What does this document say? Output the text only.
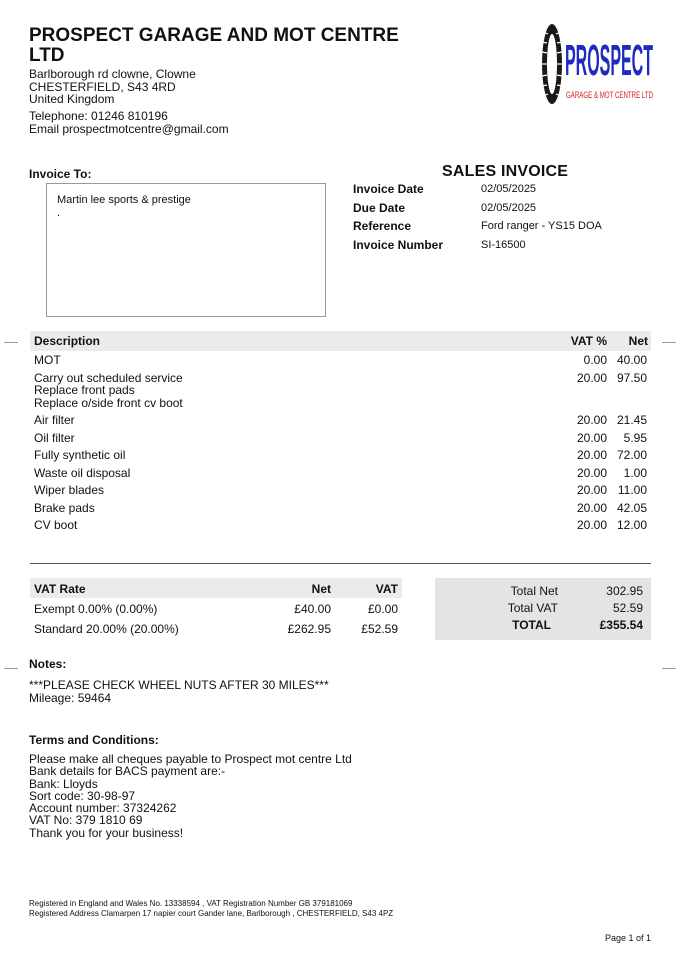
PROSPECT GARAGE AND MOT CENTRE LTD
Barlborough rd clowne, Clowne
CHESTERFIELD, S43 4RD
United Kingdom
Telephone: 01246 810196
Email prospectmotcentre@gmail.com
PROSPECT
GARAGE & MOT CENTRE LTD
Invoice To:
Martin lee sports & prestige
.
SALES INVOICE
Invoice Date	02/05/2025
Due Date	02/05/2025
Reference	Ford ranger - YS15 DOA
Invoice Number	SI-16500
Description	VAT % Net
MOT	0.00 40.00
Carry out scheduled service
Replace front pads
Replace o/side front cv boot
20.00 97.50
Air filter	20.00 21.45
Oil filter	20.00 5.95
Fully synthetic oil	20.00 72.00
Waste oil disposal	20.00 1.00
Wiper blades	20.00 11.00
Brake pads	20.00 42.05
CV boot	20.00 12.00
VAT Rate	Net	VAT
Exempt 0.00% (0.00%)	£40.00	£0.00
Standard 20.00% (20.00%)	£262.95	£52.59
Total Net	302.95
Total VAT	52.59
TOTAL	£355.54
Notes:
***PLEASE CHECK WHEEL NUTS AFTER 30 MILES***
Mileage: 59464
Terms and Conditions:
Please make all cheques payable to Prospect mot centre Ltd
Bank details for BACS payment are:-
Bank: Lloyds
Sort code: 30-98-97
Account number: 37324262
VAT No: 379 1810 69
Thank you for your business!
Registered in England and Wales No. 13338594 , VAT Registration Number GB 379181069
Registered Address Clamarpen 17 napier court Gander lane, Barlborough , CHESTERFIELD, S43 4PZ
Page 1 of 1
